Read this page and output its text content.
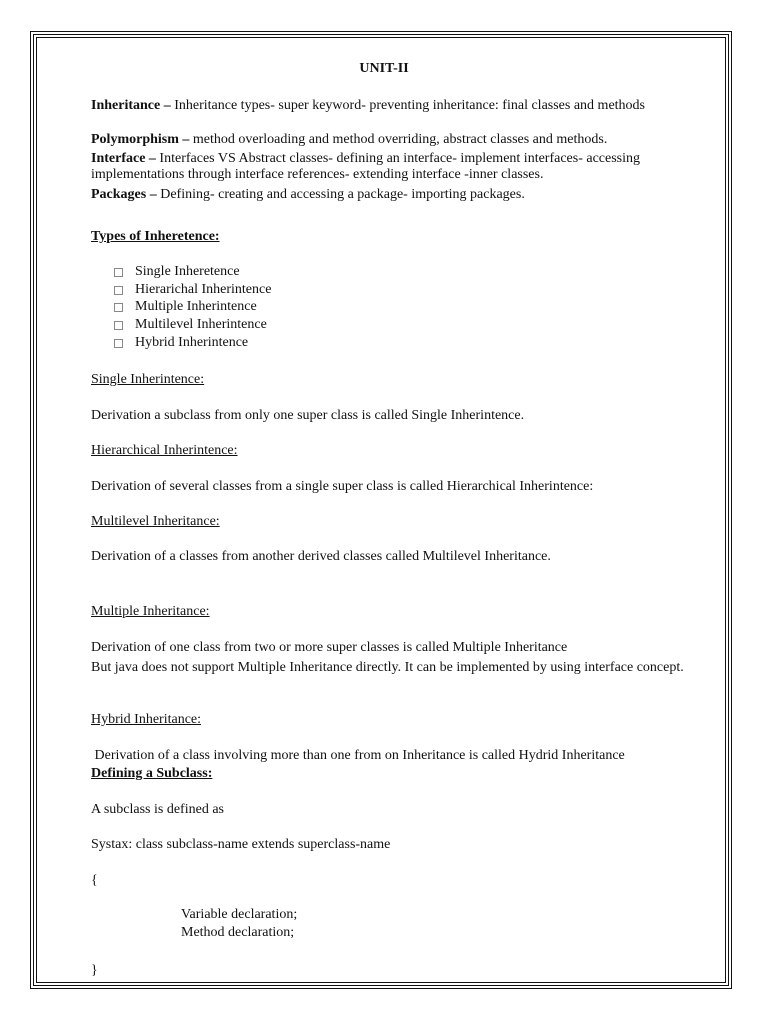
UNIT-II
Inheritance – Inheritance types- super keyword- preventing inheritance: final classes and methods
Polymorphism – method overloading and method overriding, abstract classes and methods.
Interface – Interfaces VS Abstract classes- defining an interface- implement interfaces- accessing implementations through interface references- extending interface -inner classes.
Packages – Defining- creating and accessing a package- importing packages.
Types of Inheretence:
Single Inheretence
Hierarichal Inherintence
Multiple Inherintence
Multilevel Inherintence
Hybrid Inherintence
Single Inherintence:
Derivation a subclass from only one super class is called Single Inherintence.
Hierarchical Inherintence:
Derivation of several classes from a single super class is called Hierarchical Inherintence:
Multilevel Inheritance:
Derivation of a classes from another derived classes called Multilevel Inheritance.
Multiple Inheritance:
Derivation of one class from two or more super classes is called Multiple Inheritance
But java does not support Multiple Inheritance directly. It can be implemented by using interface concept.
Hybrid Inheritance:
Derivation of a class involving more than one from on Inheritance is called Hydrid Inheritance
Defining a Subclass:
A subclass is defined as
Systax: class subclass-name extends superclass-name
{
Variable declaration;
Method declaration;
}
